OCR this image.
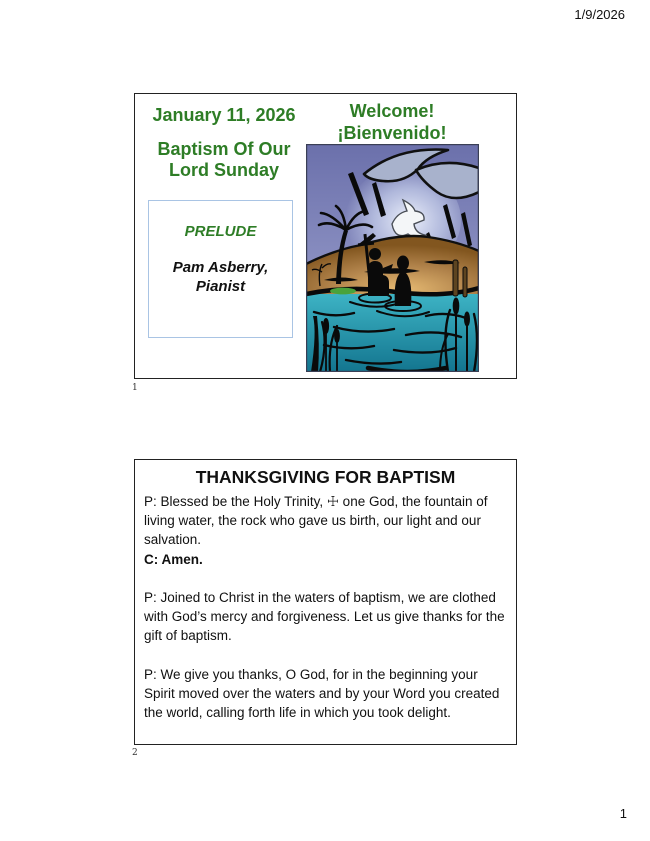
1/9/2026
January 11, 2026
Baptism Of Our Lord Sunday
Welcome!
¡Bienvenido!
PRELUDE
Pam Asberry,
Pianist
1
THANKSGIVING FOR BAPTISM

P: Blessed be the Holy Trinity, ☩ one God, the fountain of living water, the rock who gave us birth, our light and our salvation.

C: Amen.

P: Joined to Christ in the waters of baptism, we are clothed with God’s mercy and forgiveness. Let us give thanks for the gift of baptism.

P: We give you thanks, O God, for in the beginning your Spirit moved over the waters and by your Word you created the world, calling forth life in which you took delight.

2
1
